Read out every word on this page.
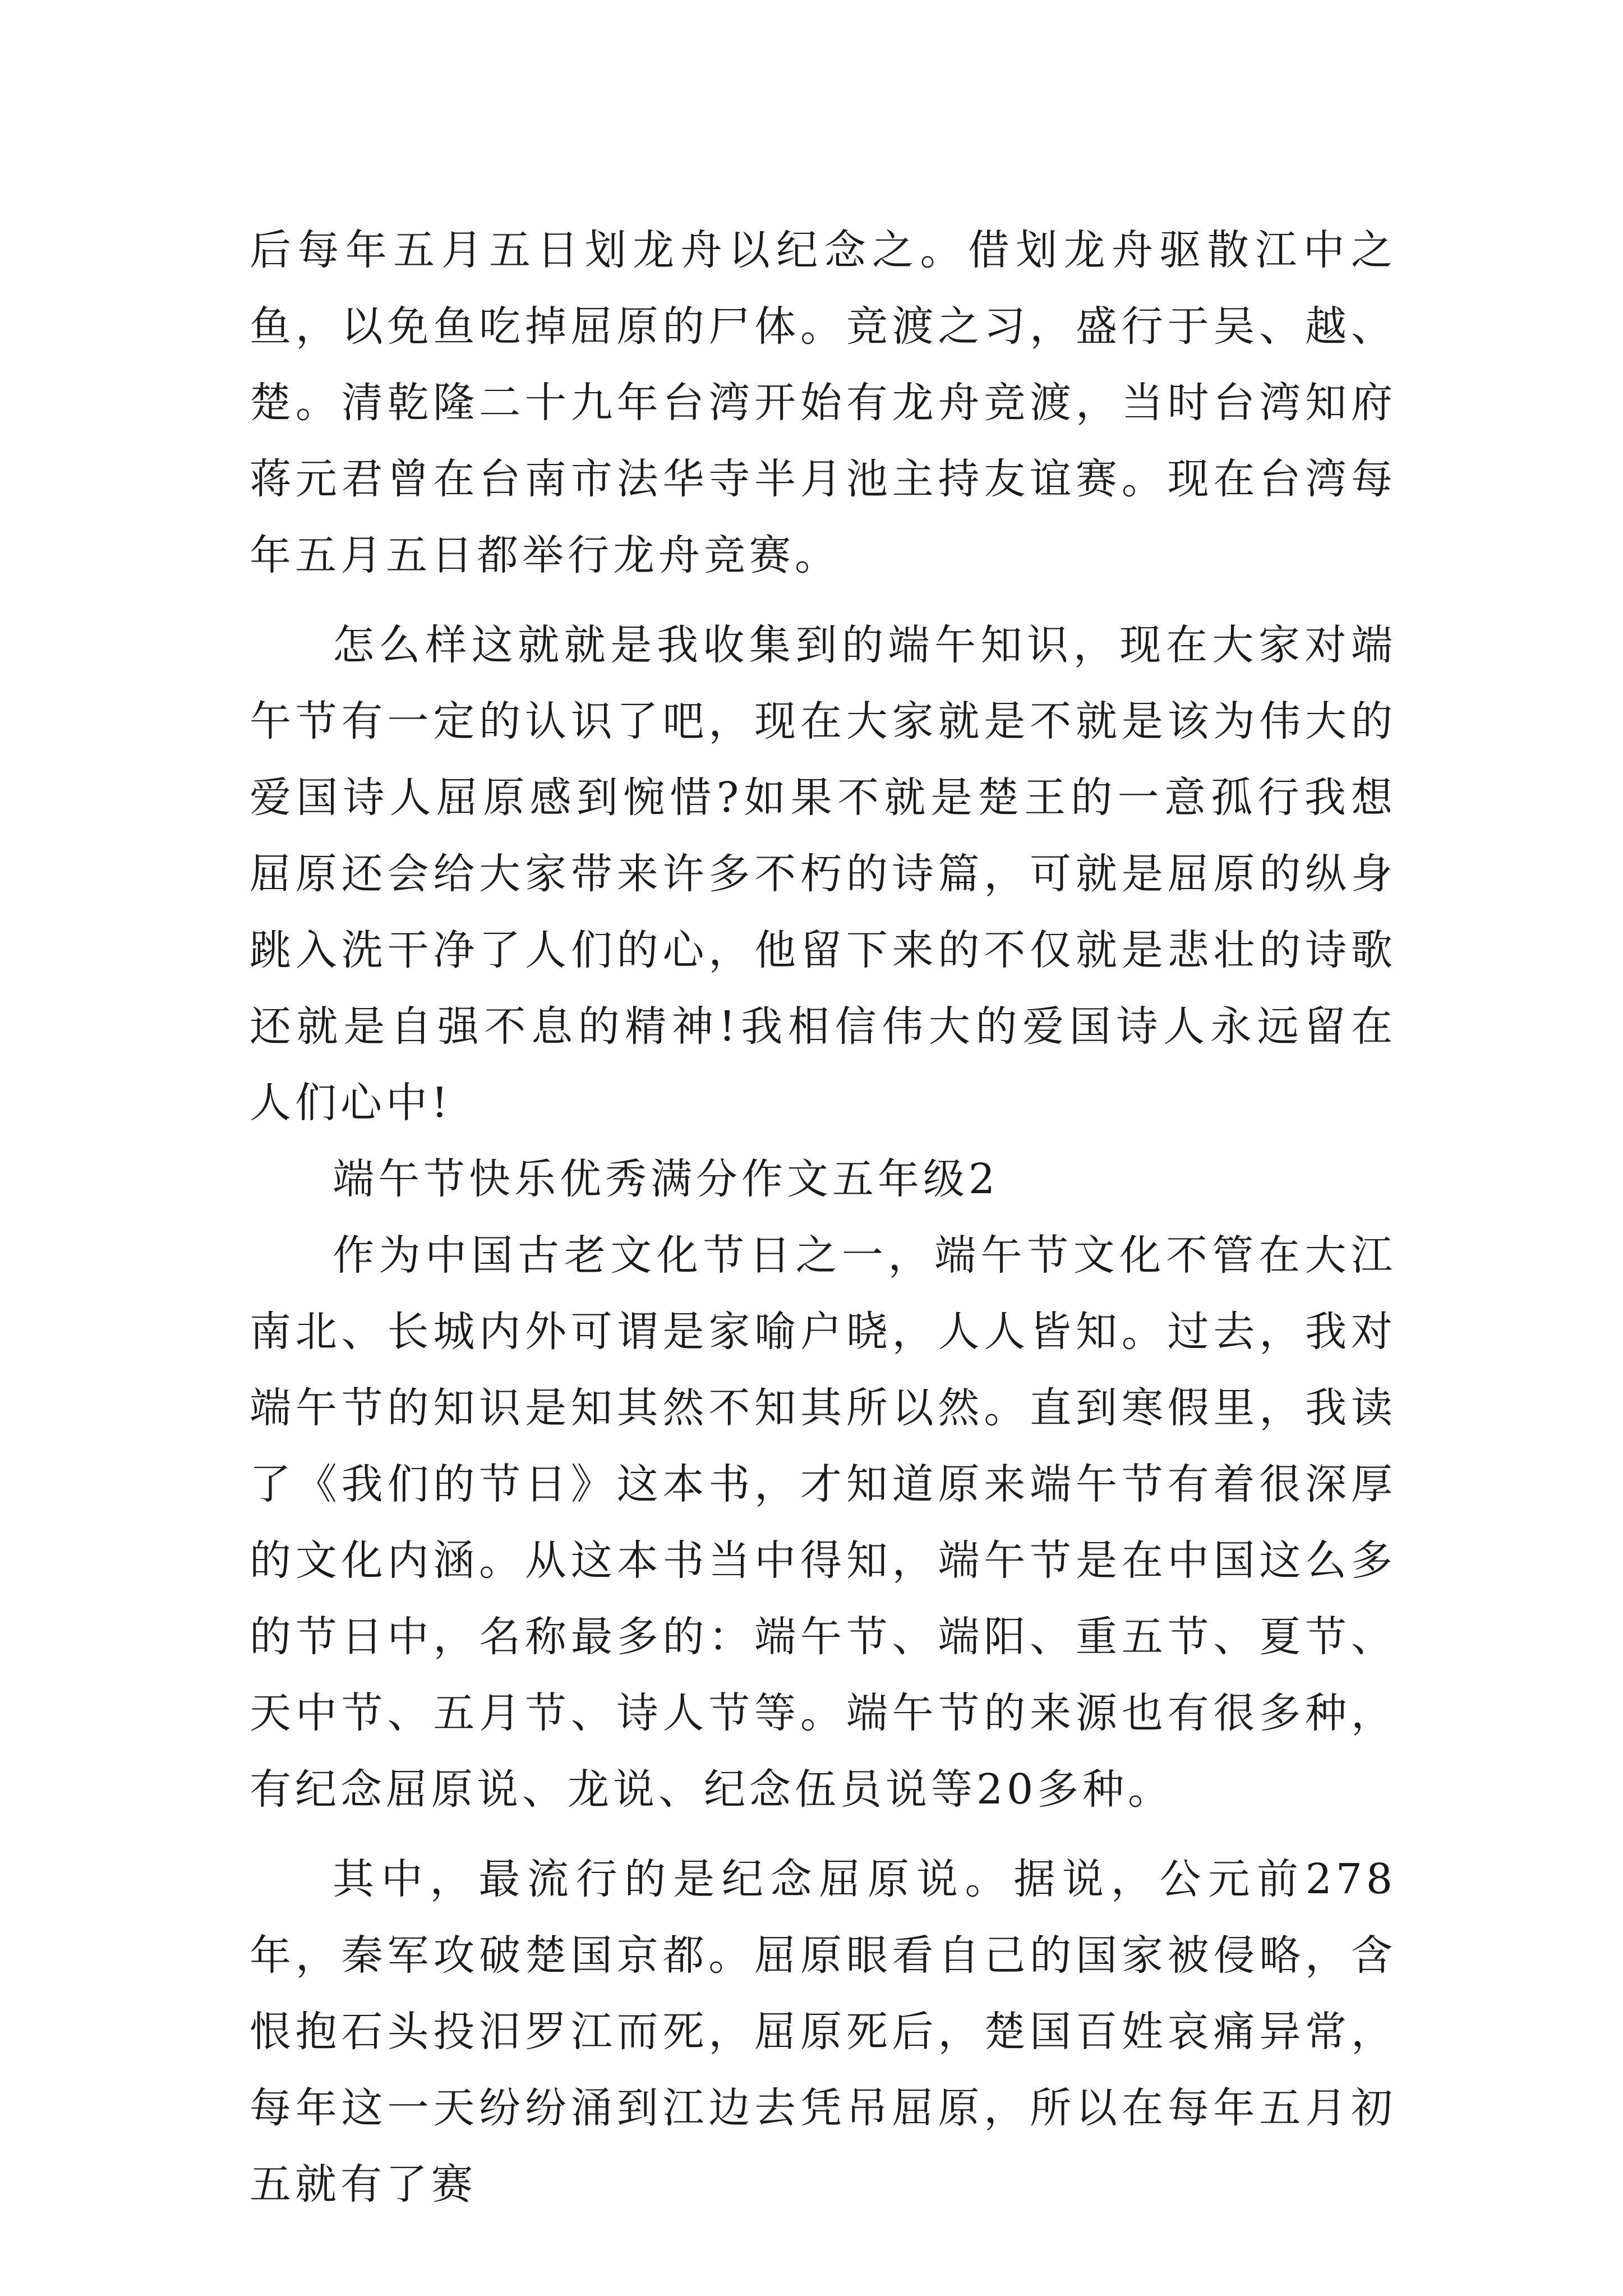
后每年五月五日划龙舟以纪念之。借划龙舟驱散江中之鱼，以免鱼吃掉屈原的尸体。竞渡之习，盛行于吴、越、楚。清乾隆二十九年台湾开始有龙舟竞渡，当时台湾知府蒋元君曾在台南市法华寺半月池主持友谊赛。现在台湾每年五月五日都举行龙舟竞赛。

怎么样这就就是我收集到的端午知识，现在大家对端午节有一定的认识了吧，现在大家就是不就是该为伟大的爱国诗人屈原感到惋惜?如果不就是楚王的一意孤行我想屈原还会给大家带来许多不朽的诗篇，可就是屈原的纵身跳入洗干净了人们的心，他留下来的不仅就是悲壮的诗歌还就是自强不息的精神!我相信伟大的爱国诗人永远留在人们心中!

端午节快乐优秀满分作文五年级2

作为中国古老文化节日之一，端午节文化不管在大江南北、长城内外可谓是家喻户晓，人人皆知。过去，我对端午节的知识是知其然不知其所以然。直到寒假里，我读了《我们的节日》这本书，才知道原来端午节有着很深厚的文化内涵。从这本书当中得知，端午节是在中国这么多的节日中，名称最多的：端午节、端阳、重五节、夏节、天中节、五月节、诗人节等。端午节的来源也有很多种，有纪念屈原说、龙说、纪念伍员说等20多种。

其中，最流行的是纪念屈原说。据说，公元前278年，秦军攻破楚国京都。屈原眼看自己的国家被侵略，含恨抱石头投汨罗江而死，屈原死后，楚国百姓哀痛异常，每年这一天纷纷涌到江边去凭吊屈原，所以在每年五月初五就有了赛
